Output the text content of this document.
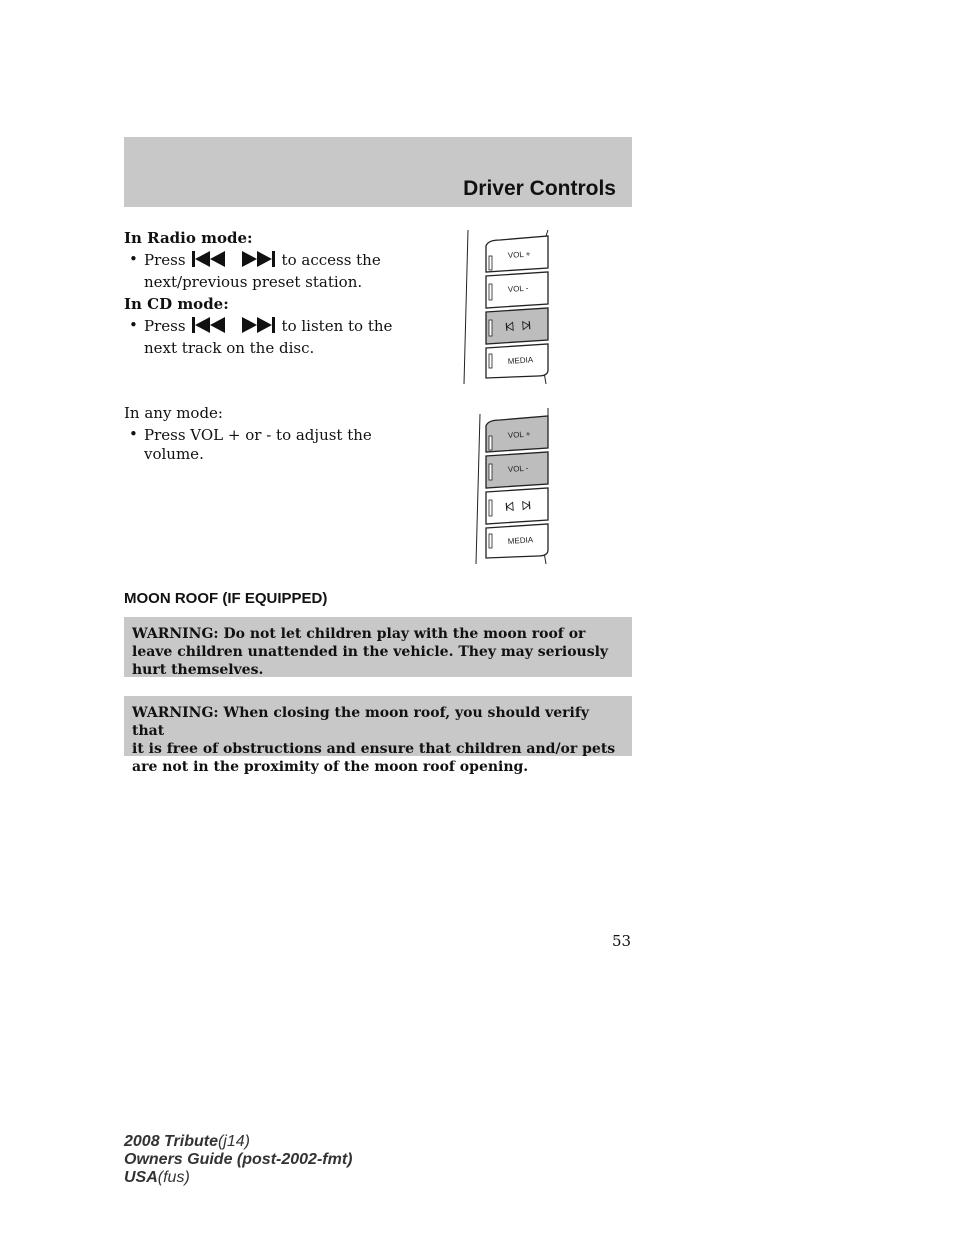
Driver Controls
In Radio mode:
• Press	to access the
next/previous preset station.
In CD mode:
• Press	to listen to the
next track on the disc.
In any mode:
• Press VOL + or - to adjust the
volume.
VOL +
VOL -
MEDIA
VOL +
VOL -
MEDIA
MOON ROOF (IF EQUIPPED)

WARNING: Do not let children play with the moon roof or

leave children unattended in the vehicle. They may seriously

hurt themselves.

WARNING: When closing the moon roof, you should verify that

it is free of obstructions and ensure that children and/or pets

are not in the proximity of the moon roof opening.

53
2008 Tribute(j14)
Owners Guide (post-2002-fmt)
USA(fus)
